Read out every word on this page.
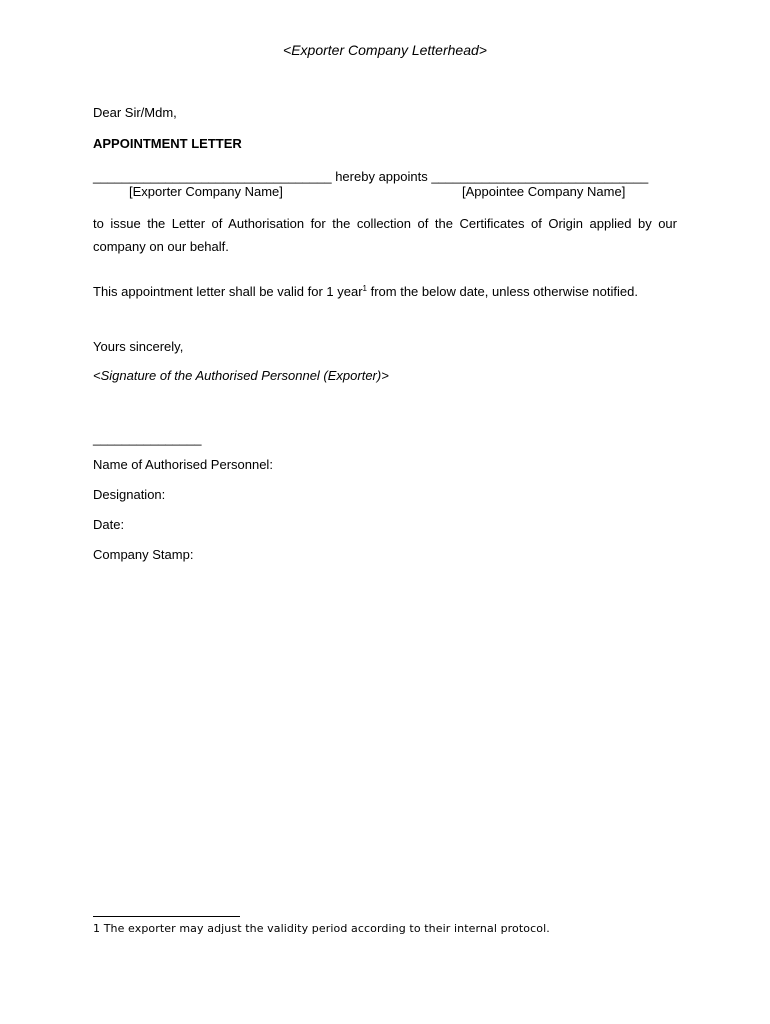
<Exporter Company Letterhead>
Dear Sir/Mdm,
APPOINTMENT LETTER
_________________________________ hereby appoints ______________________________
[Exporter Company Name]	[Appointee Company Name]
to issue the Letter of Authorisation for the collection of the Certificates of Origin applied by our company on our behalf.
This appointment letter shall be valid for 1 year$^1$ from the below date, unless otherwise notified.
Yours sincerely,
<Signature of the Authorised Personnel (Exporter)>
_______________
Name of Authorised Personnel:
Designation:
Date:
Company Stamp:
1 The exporter may adjust the validity period according to their internal protocol.
